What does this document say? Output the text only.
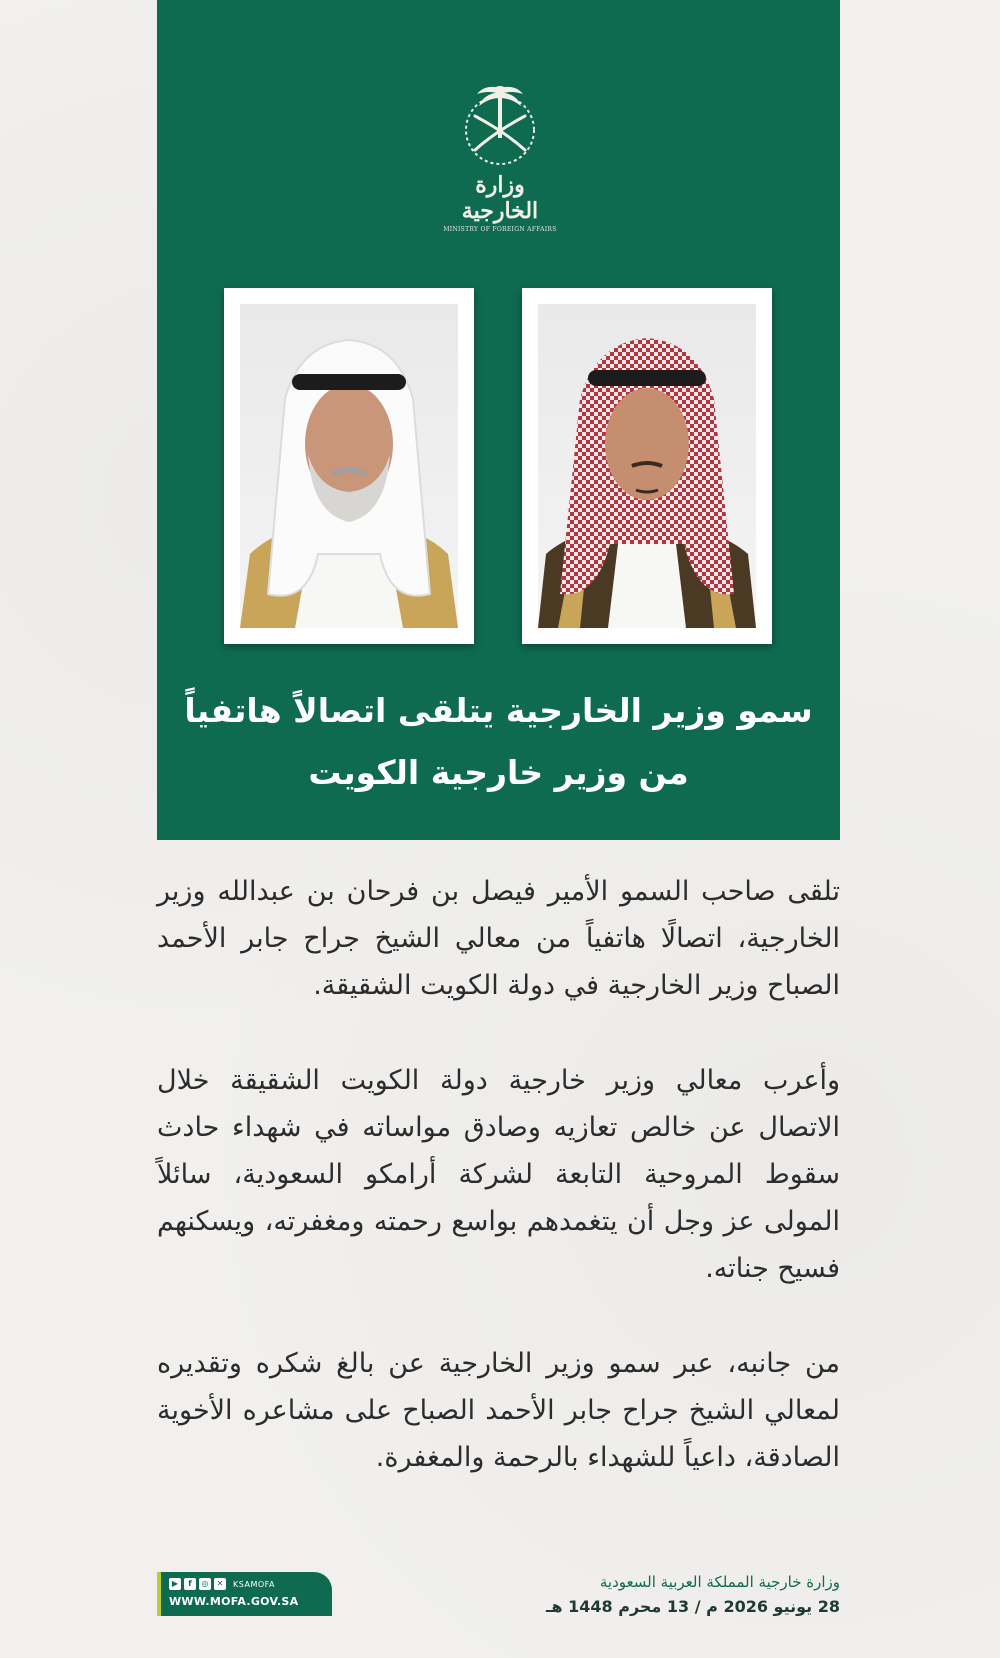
وزارة الخارجية
MINISTRY OF FOREIGN AFFAIRS
سمو وزير الخارجية يتلقى اتصالاً هاتفياً
من وزير خارجية الكويت

تلقى صاحب السمو الأمير فيصل بن فرحان بن عبدالله وزير الخارجية، اتصالًا هاتفياً من معالي الشيخ جراح جابر الأحمد الصباح وزير الخارجية في دولة الكويت الشقيقة.

وأعرب معالي وزير خارجية دولة الكويت الشقيقة خلال الاتصال عن خالص تعازيه وصادق مواساته في شهداء حادث سقوط المروحية التابعة لشركة أرامكو السعودية، سائلاً المولى عز وجل أن يتغمدهم بواسع رحمته ومغفرته، ويسكنهم فسيح جناته.

من جانبه، عبر سمو وزير الخارجية عن بالغ شكره وتقديره لمعالي الشيخ جراح جابر الأحمد الصباح على مشاعره الأخوية الصادقة، داعياً للشهداء بالرحمة والمغفرة.

▶	f	◎	✕	KSAMOFA
WWW.MOFA.GOV.SA
وزارة خارجية المملكة العربية السعودية
28 يونيو 2026 م / 13 محرم 1448 هـ
